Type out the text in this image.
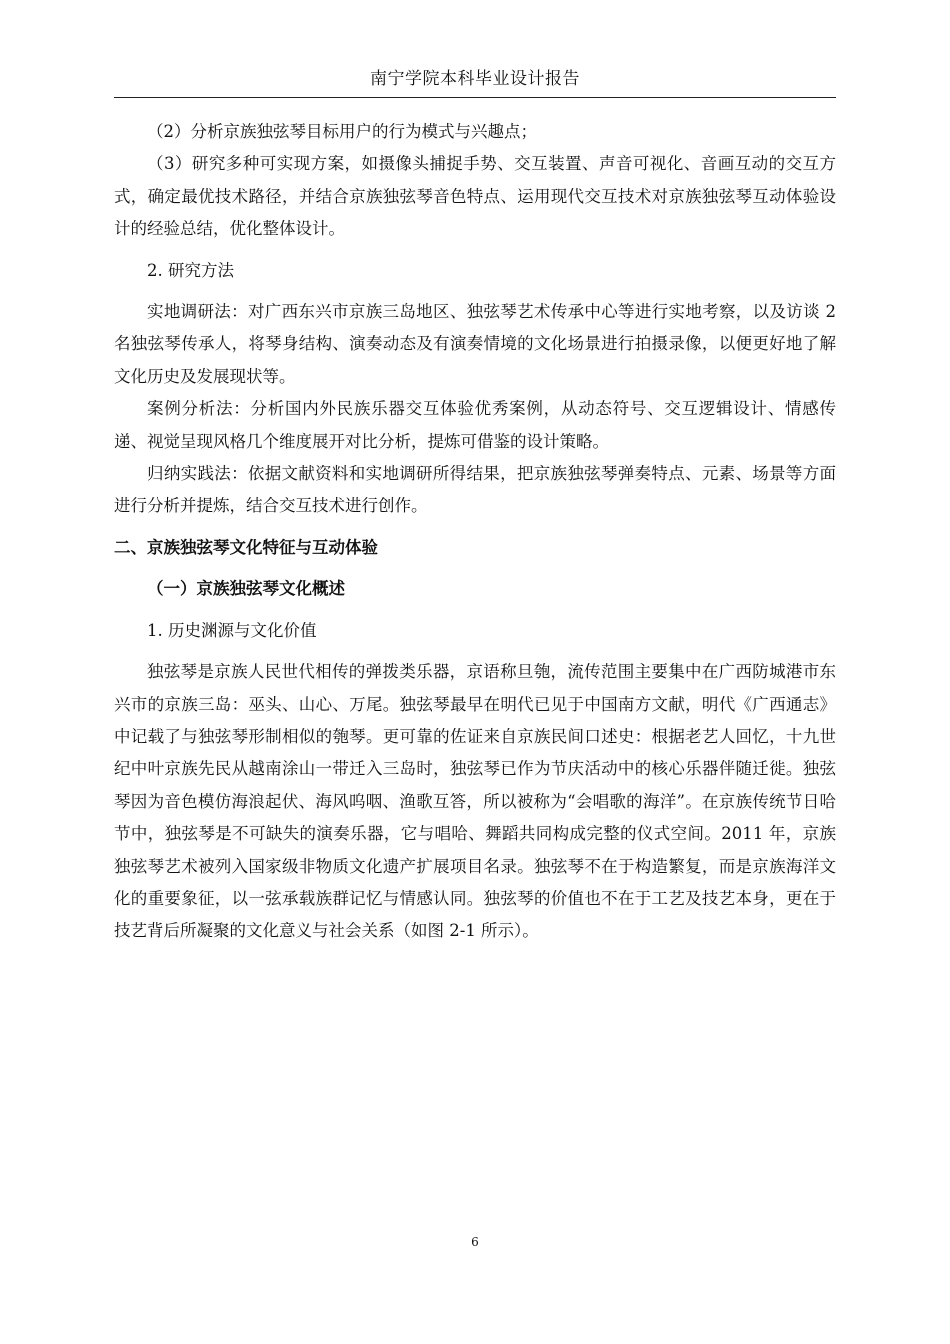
南宁学院本科毕业设计报告

（2）分析京族独弦琴目标用户的行为模式与兴趣点；

（3）研究多种可实现方案，如摄像头捕捉手势、交互装置、声音可视化、音画互动的交互方式，确定最优技术路径，并结合京族独弦琴音色特点、运用现代交互技术对京族独弦琴互动体验设计的经验总结，优化整体设计。

2. 研究方法

实地调研法：对广西东兴市京族三岛地区、独弦琴艺术传承中心等进行实地考察，以及访谈 2 名独弦琴传承人，将琴身结构、演奏动态及有演奏情境的文化场景进行拍摄录像，以便更好地了解文化历史及发展现状等。

案例分析法：分析国内外民族乐器交互体验优秀案例，从动态符号、交互逻辑设计、情感传递、视觉呈现风格几个维度展开对比分析，提炼可借鉴的设计策略。

归纳实践法：依据文献资料和实地调研所得结果，把京族独弦琴弹奏特点、元素、场景等方面进行分析并提炼，结合交互技术进行创作。

二、京族独弦琴文化特征与互动体验

（一）京族独弦琴文化概述

1. 历史渊源与文化价值

独弦琴是京族人民世代相传的弹拨类乐器，京语称旦匏，流传范围主要集中在广西防城港市东兴市的京族三岛：巫头、山心、万尾。独弦琴最早在明代已见于中国南方文献，明代《广西通志》中记载了与独弦琴形制相似的匏琴。更可靠的佐证来自京族民间口述史：根据老艺人回忆，十九世纪中叶京族先民从越南涂山一带迁入三岛时，独弦琴已作为节庆活动中的核心乐器伴随迁徙。独弦琴因为音色模仿海浪起伏、海风呜咽、渔歌互答，所以被称为“会唱歌的海洋”。在京族传统节日哈节中，独弦琴是不可缺失的演奏乐器，它与唱哈、舞蹈共同构成完整的仪式空间。2011 年，京族独弦琴艺术被列入国家级非物质文化遗产扩展项目名录。独弦琴不在于构造繁复，而是京族海洋文化的重要象征，以一弦承载族群记忆与情感认同。独弦琴的价值也不在于工艺及技艺本身，更在于技艺背后所凝聚的文化意义与社会关系（如图 2-1 所示）。

6
